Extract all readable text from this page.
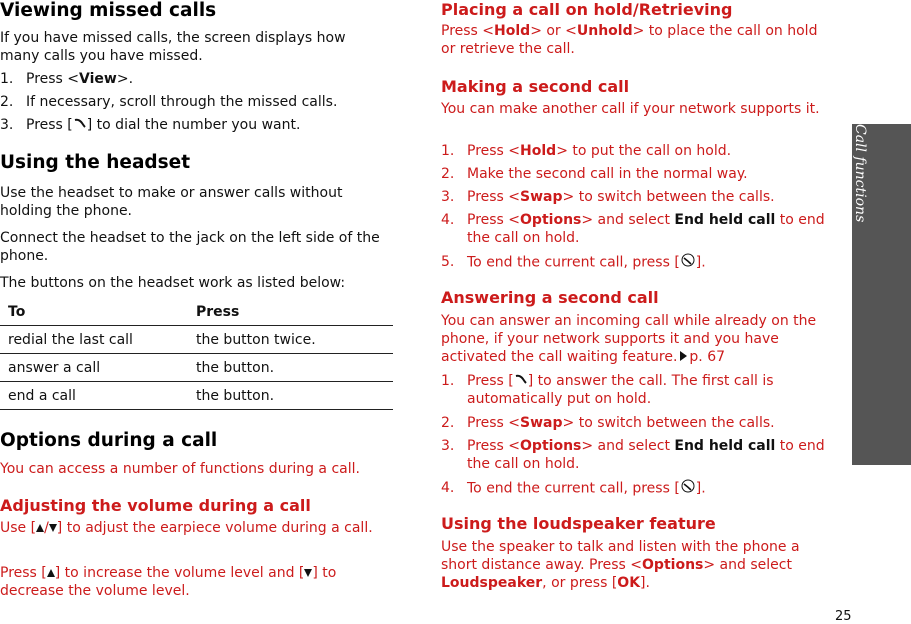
Viewing missed calls

If you have missed calls, the screen displays how many calls you have missed.

1. Press <View>.
2. If necessary, scroll through the missed calls.
3. Press [ ] to dial the number you want.
Using the headset

Use the headset to make or answer calls without holding the phone.

Connect the headset to the jack on the left side of the phone.

The buttons on the headset work as listed below:

To	Press
redial the last call	the button twice.
answer a call	the button.
end a call	the button.
Options during a call

You can access a number of functions during a call.

Adjusting the volume during a call

Use [ / ] to adjust the earpiece volume during a call.

Press [ ] to increase the volume level and [ ] to decrease the volume level.

Placing a call on hold/Retrieving

Press <Hold> or <Unhold> to place the call on hold or retrieve the call.

Making a second call

You can make another call if your network supports it.

1. Press <Hold> to put the call on hold.
2. Make the second call in the normal way.
3. Press <Swap> to switch between the calls.
4. Press <Options> and select End held call to end the call on hold.
5. To end the current call, press [ ].
Answering a second call

You can answer an incoming call while already on the phone, if your network supports it and you have activated the call waiting feature. p. 67

1. Press [ ] to answer the call. The first call is automatically put on hold.
2. Press <Swap> to switch between the calls.
3. Press <Options> and select End held call to end the call on hold.
4. To end the current call, press [ ].
Using the loudspeaker feature

Use the speaker to talk and listen with the phone a short distance away. Press <Options> and select Loudspeaker, or press [OK].

Call functions
25
